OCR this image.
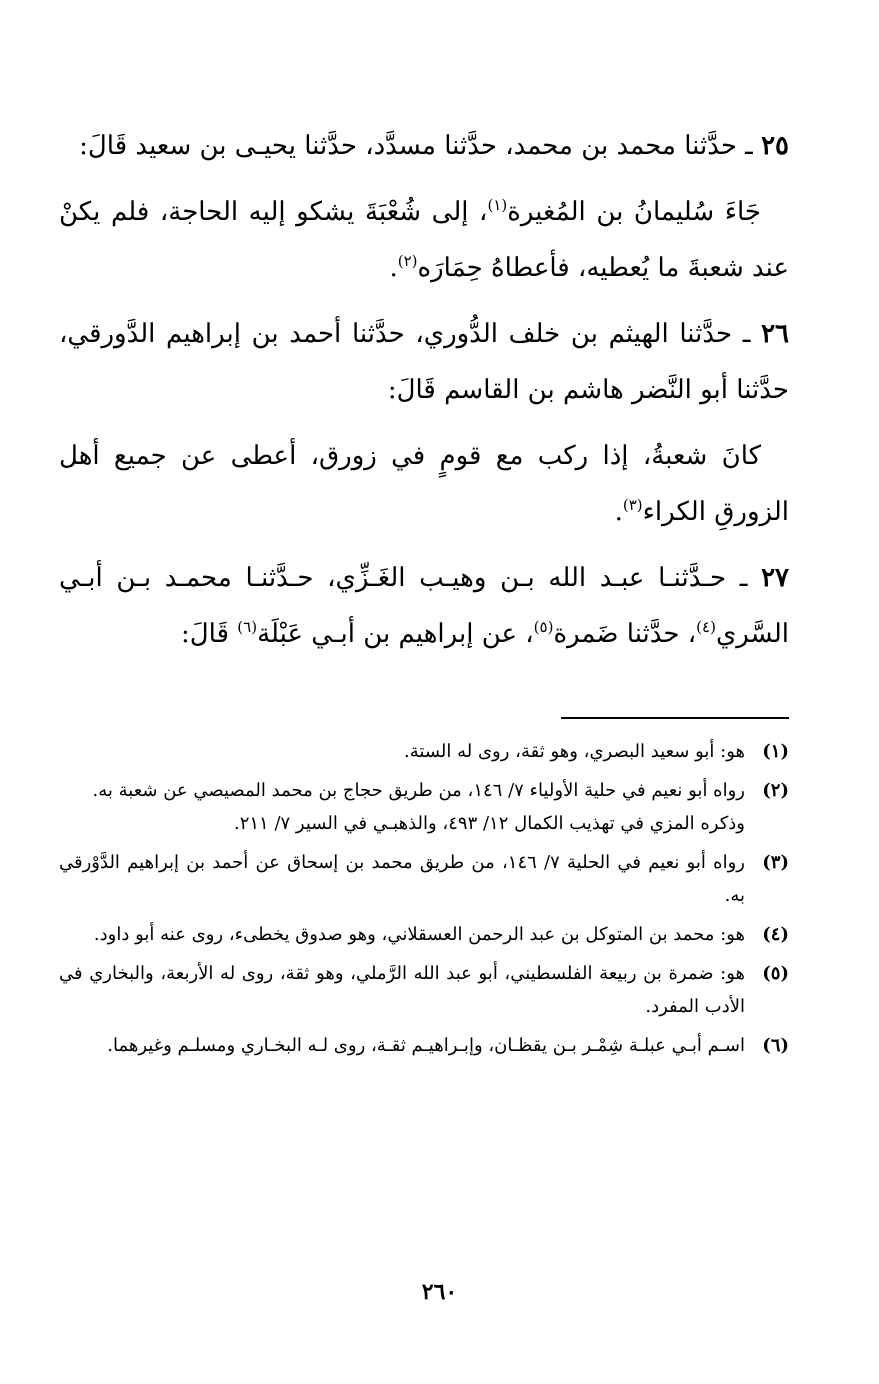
٢٥ ـ حدَّثنا محمد بن محمد، حدَّثنا مسدَّد، حدَّثنا يحيـى بن سعيد قَالَ:

جَاءَ سُليمانُ بن المُغيرة$^{(١)}$، إلى شُعْبَةَ يشكو إليه الحاجة، فلم يكنْ عند شعبةَ ما يُعطيه، فأعطاهُ حِمَارَه$^{(٢)}$.

٢٦ ـ حدَّثنا الهيثم بن خلف الدُّوري، حدَّثنا أحمد بن إبراهيم الدَّورقي، حدَّثنا أبو النَّضر هاشم بن القاسم قَالَ:

كانَ شعبةُ، إذا ركب مع قومٍ في زورق، أعطى عن جميع أهل الزورقِ الكراء$^{(٣)}$.

٢٧ ـ حـدَّثنـا عبـد الله بـن وهيـب الغَـزِّي، حـدَّثنـا محمـد بـن أبـي السَّري$^{(٤)}$، حدَّثنا ضَمرة$^{(٥)}$، عن إبراهيم بن أبـي عَبْلَة$^{(٦)}$ قَالَ:

(١)

هو: أبو سعيد البصري، وهو ثقة، روى له الستة.

(٢)

رواه أبو نعيم في حلية الأولياء ٧/ ١٤٦، من طريق حجاج بن محمد المصيصي عن شعبة به.

وذكره المزي في تهذيب الكمال ١٢/ ٤٩٣، والذهبـي في السير ٧/ ٢١١.

(٣)

رواه أبو نعيم في الحلية ٧/ ١٤٦، من طريق محمد بن إسحاق عن أحمد بن إبراهيم الدَّوْرقي به.

(٤)

هو: محمد بن المتوكل بن عبد الرحمن العسقلاني، وهو صدوق يخطىء، روى عنه أبو داود.

(٥)

هو: ضمرة بن ربيعة الفلسطيني، أبو عبد الله الرَّملي، وهو ثقة، روى له الأربعة، والبخاري في الأدب المفرد.

(٦)

اسـم أبـي عبلـة شِمْـر بـن يقظـان، وإبـراهيـم ثقـة، روى لـه البخـاري ومسلـم وغيرهما.

٢٦٠
